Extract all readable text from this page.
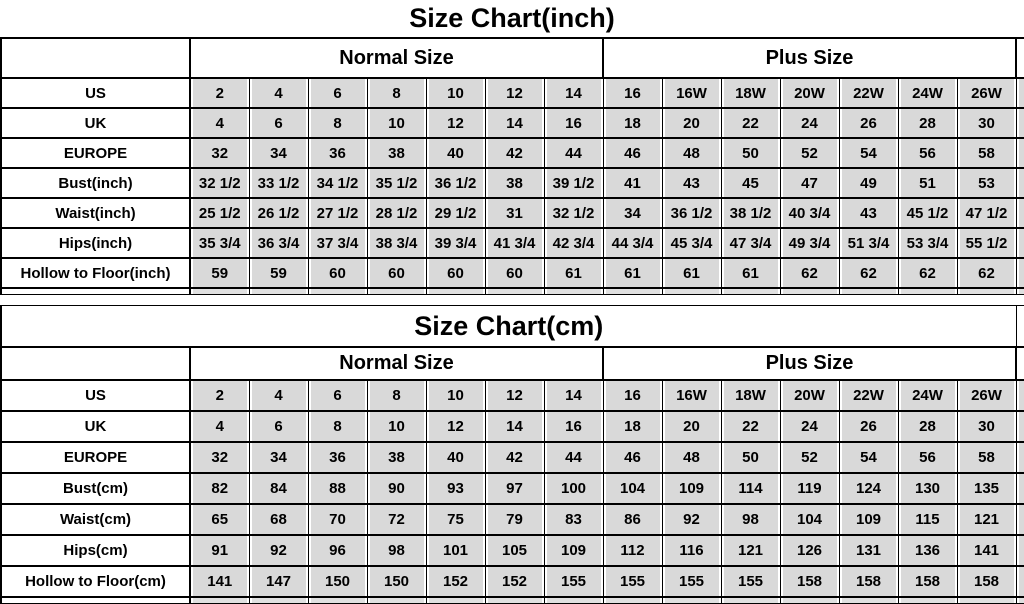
Size Chart(inch)
	Normal Size							Plus Size							
US	2	4	6	8	10	12	14	16	16W	18W	20W	22W	24W	26W	
UK	4	6	8	10	12	14	16	18	20	22	24	26	28	30	
EUROPE	32	34	36	38	40	42	44	46	48	50	52	54	56	58	
Bust(inch)	32 1/2	33 1/2	34 1/2	35 1/2	36 1/2	38	39 1/2	41	43	45	47	49	51	53	
Waist(inch)	25 1/2	26 1/2	27 1/2	28 1/2	29 1/2	31	32 1/2	34	36 1/2	38 1/2	40 3/4	43	45 1/2	47 1/2	
Hips(inch)	35 3/4	36 3/4	37 3/4	38 3/4	39 3/4	41 3/4	42 3/4	44 3/4	45 3/4	47 3/4	49 3/4	51 3/4	53 3/4	55 1/2	
Hollow to Floor(inch)	59	59	60	60	60	60	61	61	61	61	62	62	62	62	

Size Chart(cm)															
	Normal Size							Plus Size							
US	2	4	6	8	10	12	14	16	16W	18W	20W	22W	24W	26W	
UK	4	6	8	10	12	14	16	18	20	22	24	26	28	30	
EUROPE	32	34	36	38	40	42	44	46	48	50	52	54	56	58	
Bust(cm)	82	84	88	90	93	97	100	104	109	114	119	124	130	135	
Waist(cm)	65	68	70	72	75	79	83	86	92	98	104	109	115	121	
Hips(cm)	91	92	96	98	101	105	109	112	116	121	126	131	136	141	
Hollow to Floor(cm)	141	147	150	150	152	152	155	155	155	155	158	158	158	158	
